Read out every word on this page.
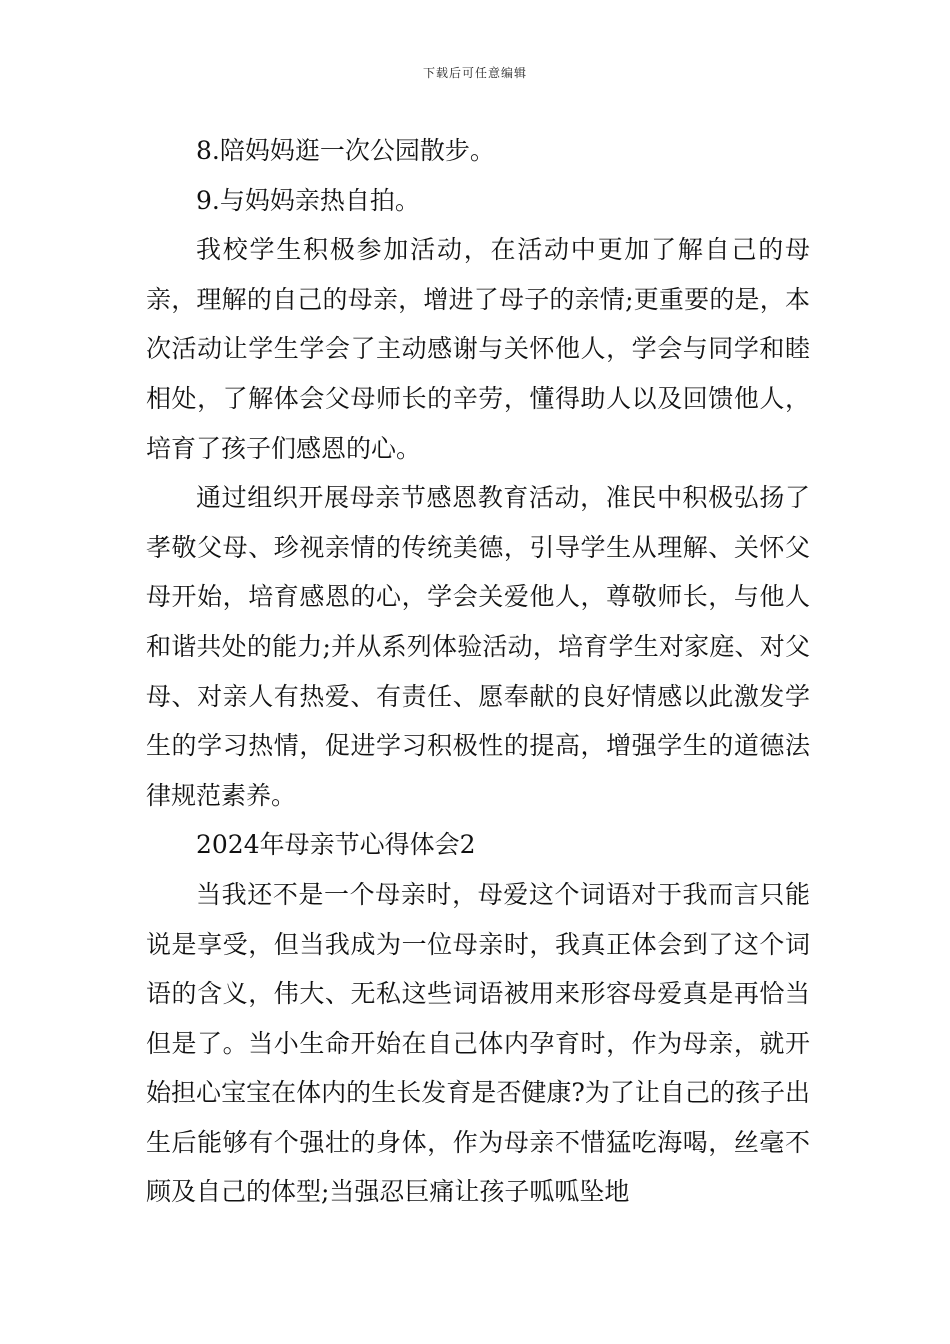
下载后可任意编辑

8.陪妈妈逛一次公园散步。

9.与妈妈亲热自拍。

我校学生积极参加活动，在活动中更加了解自己的母亲，理解的自己的母亲，增进了母子的亲情;更重要的是，本次活动让学生学会了主动感谢与关怀他人，学会与同学和睦相处，了解体会父母师长的辛劳，懂得助人以及回馈他人，培育了孩子们感恩的心。

通过组织开展母亲节感恩教育活动，准民中积极弘扬了孝敬父母、珍视亲情的传统美德，引导学生从理解、关怀父母开始，培育感恩的心，学会关爱他人，尊敬师长，与他人和谐共处的能力;并从系列体验活动，培育学生对家庭、对父母、对亲人有热爱、有责任、愿奉献的良好情感以此激发学生的学习热情，促进学习积极性的提高，增强学生的道德法律规范素养。

2024年母亲节心得体会2

当我还不是一个母亲时，母爱这个词语对于我而言只能说是享受，但当我成为一位母亲时，我真正体会到了这个词语的含义，伟大、无私这些词语被用来形容母爱真是再恰当但是了。当小生命开始在自己体内孕育时，作为母亲，就开始担心宝宝在体内的生长发育是否健康?为了让自己的孩子出生后能够有个强壮的身体，作为母亲不惜猛吃海喝，丝毫不顾及自己的体型;当强忍巨痛让孩子呱呱坠地
